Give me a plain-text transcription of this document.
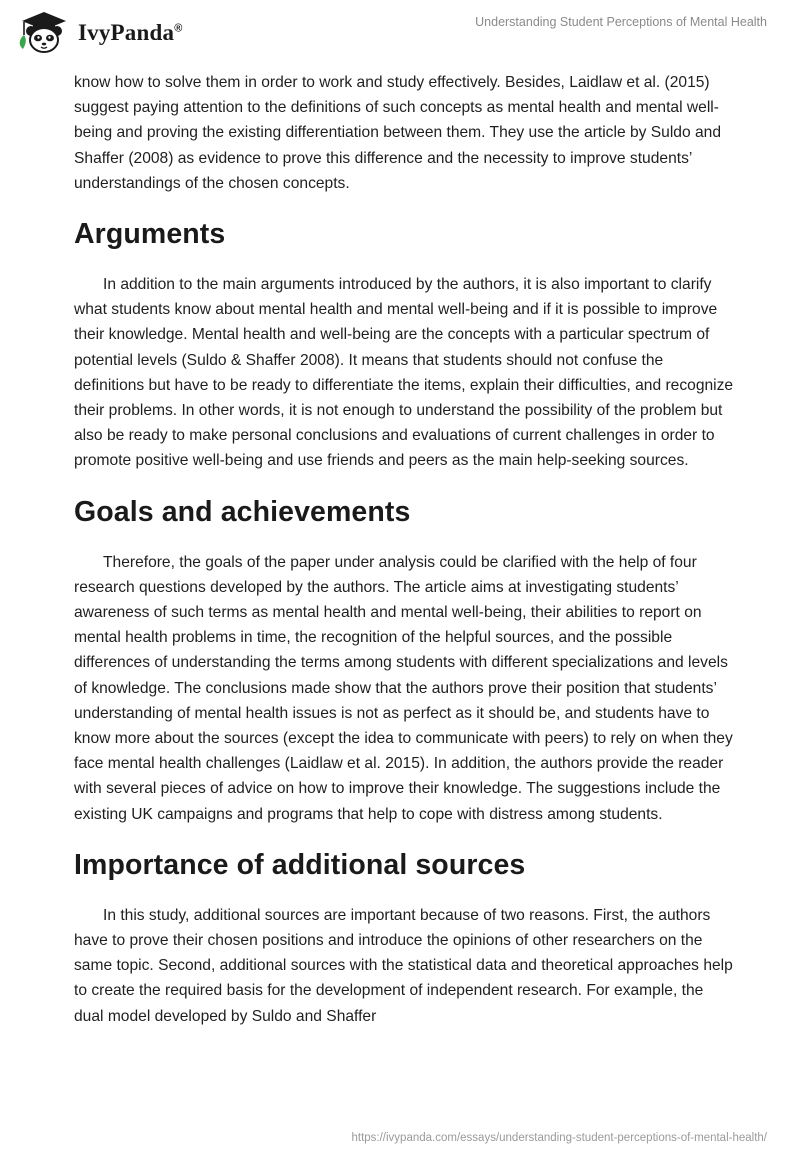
IvyPanda®	Understanding Student Perceptions of Mental Health

know how to solve them in order to work and study effectively. Besides, Laidlaw et al. (2015) suggest paying attention to the definitions of such concepts as mental health and mental well-being and proving the existing differentiation between them. They use the article by Suldo and Shaffer (2008) as evidence to prove this difference and the necessity to improve students’ understandings of the chosen concepts.

Arguments

In addition to the main arguments introduced by the authors, it is also important to clarify what students know about mental health and mental well-being and if it is possible to improve their knowledge. Mental health and well-being are the concepts with a particular spectrum of potential levels (Suldo & Shaffer 2008). It means that students should not confuse the definitions but have to be ready to differentiate the items, explain their difficulties, and recognize their problems. In other words, it is not enough to understand the possibility of the problem but also be ready to make personal conclusions and evaluations of current challenges in order to promote positive well-being and use friends and peers as the main help-seeking sources.

Goals and achievements

Therefore, the goals of the paper under analysis could be clarified with the help of four research questions developed by the authors. The article aims at investigating students’ awareness of such terms as mental health and mental well-being, their abilities to report on mental health problems in time, the recognition of the helpful sources, and the possible differences of understanding the terms among students with different specializations and levels of knowledge. The conclusions made show that the authors prove their position that students’ understanding of mental health issues is not as perfect as it should be, and students have to know more about the sources (except the idea to communicate with peers) to rely on when they face mental health challenges (Laidlaw et al. 2015). In addition, the authors provide the reader with several pieces of advice on how to improve their knowledge. The suggestions include the existing UK campaigns and programs that help to cope with distress among students.

Importance of additional sources

In this study, additional sources are important because of two reasons. First, the authors have to prove their chosen positions and introduce the opinions of other researchers on the same topic. Second, additional sources with the statistical data and theoretical approaches help to create the required basis for the development of independent research. For example, the dual model developed by Suldo and Shaffer

https://ivypanda.com/essays/understanding-student-perceptions-of-mental-health/
